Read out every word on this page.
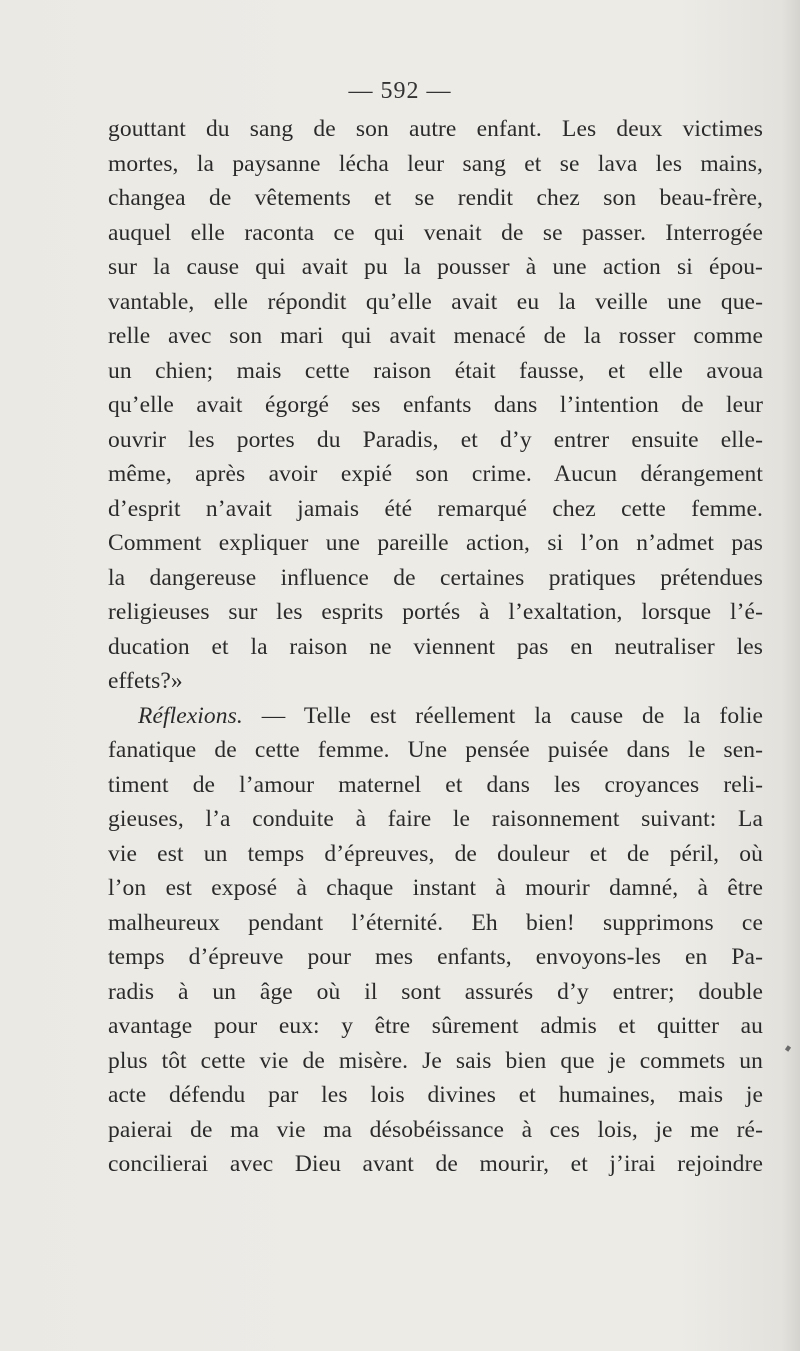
— 592 —
gouttant du sang de son autre enfant. Les deux victimes
mortes, la paysanne lécha leur sang et se lava les mains,
changea de vêtements et se rendit chez son beau-frère,
auquel elle raconta ce qui venait de se passer. Interrogée
sur la cause qui avait pu la pousser à une action si épou-
vantable, elle répondit qu’elle avait eu la veille une que-
relle avec son mari qui avait menacé de la rosser comme
un chien; mais cette raison était fausse, et elle avoua
qu’elle avait égorgé ses enfants dans l’intention de leur
ouvrir les portes du Paradis, et d’y entrer ensuite elle-
même, après avoir expié son crime. Aucun dérangement
d’esprit n’avait jamais été remarqué chez cette femme.
Comment expliquer une pareille action, si l’on n’admet pas
la dangereuse influence de certaines pratiques prétendues
religieuses sur les esprits portés à l’exaltation, lorsque l’é-
ducation et la raison ne viennent pas en neutraliser les
effets?»
Réflexions. — Telle est réellement la cause de la folie
fanatique de cette femme. Une pensée puisée dans le sen-
timent de l’amour maternel et dans les croyances reli-
gieuses, l’a conduite à faire le raisonnement suivant: La
vie est un temps d’épreuves, de douleur et de péril, où
l’on est exposé à chaque instant à mourir damné, à être
malheureux pendant l’éternité. Eh bien! supprimons ce
temps d’épreuve pour mes enfants, envoyons-les en Pa-
radis à un âge où il sont assurés d’y entrer; double
avantage pour eux: y être sûrement admis et quitter au
plus tôt cette vie de misère. Je sais bien que je commets un
acte défendu par les lois divines et humaines, mais je
paierai de ma vie ma désobéissance à ces lois, je me ré-
concilierai avec Dieu avant de mourir, et j’irai rejoindre
